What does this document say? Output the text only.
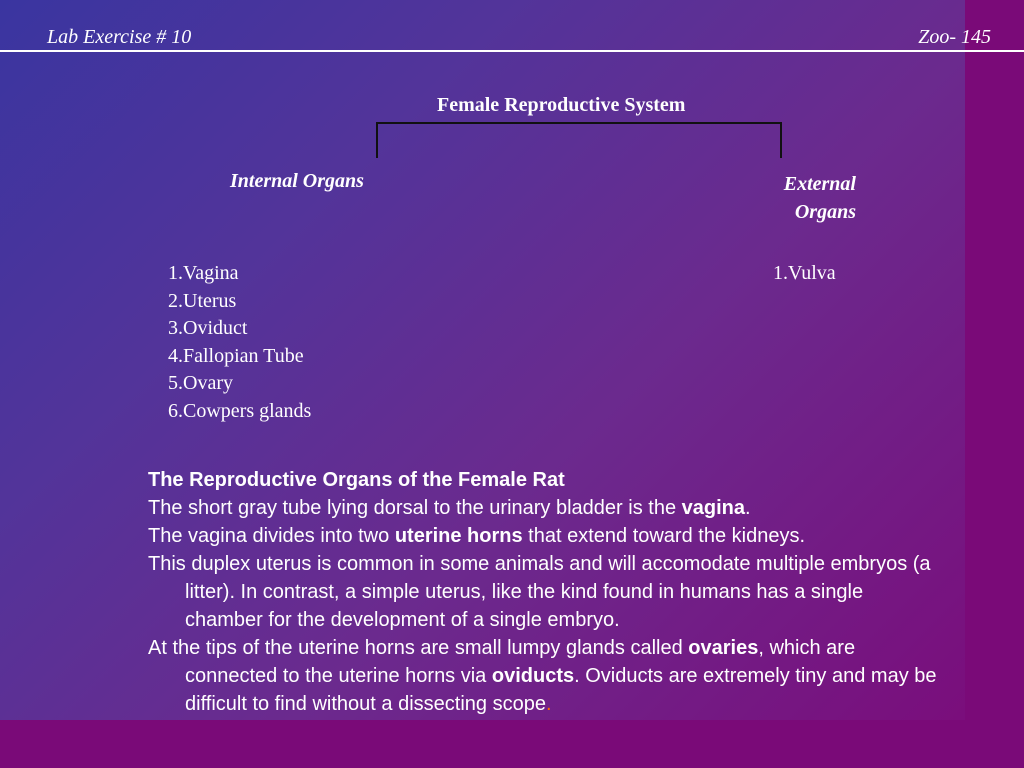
Lab Exercise # 10	Zoo- 145
Female Reproductive System
Internal Organs	External
Organs
1.Vagina
2.Uterus
3.Oviduct
4.Fallopian Tube
5.Ovary
6.Cowpers glands
1.Vulva
The Reproductive Organs of the Female Rat
The short gray tube lying dorsal to the urinary bladder is the vagina.
The vagina divides into two uterine horns that extend toward the kidneys.
This duplex uterus is common in some animals and will accomodate multiple embryos (a litter). In contrast, a simple uterus, like the kind found in humans has a single chamber for the development of a single embryo.
At the tips of the uterine horns are small lumpy glands called ovaries, which are connected to the uterine horns via oviducts. Oviducts are extremely tiny and may be difficult to find without a dissecting scope.
